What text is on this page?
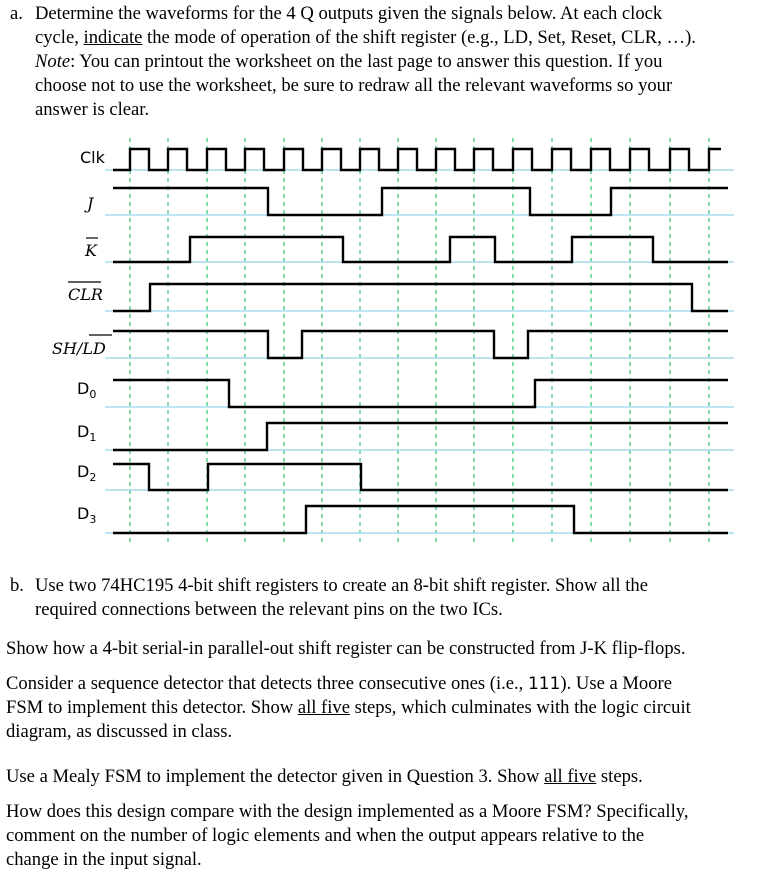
a. Determine the waveforms for the 4 Q outputs given the signals below. At each clock
cycle, indicate the mode of operation of the shift register (e.g., LD, Set, Reset, CLR, …).
Note: You can printout the worksheet on the last page to answer this question. If you
choose not to use the worksheet, be sure to redraw all the relevant waveforms so your
answer is clear.
Clk
J
K
CLR
SH/LD
$D_0$
$D_1$
$D_2$
$D_3$
b. Use two 74HC195 4-bit shift registers to create an 8-bit shift register. Show all the
required connections between the relevant pins on the two ICs.
Show how a 4-bit serial-in parallel-out shift register can be constructed from J-K flip-flops.
Consider a sequence detector that detects three consecutive ones (i.e., 111). Use a Moore
FSM to implement this detector. Show all five steps, which culminates with the logic circuit
diagram, as discussed in class.
Use a Mealy FSM to implement the detector given in Question 3. Show all five steps.
How does this design compare with the design implemented as a Moore FSM? Specifically,
comment on the number of logic elements and when the output appears relative to the
change in the input signal.
